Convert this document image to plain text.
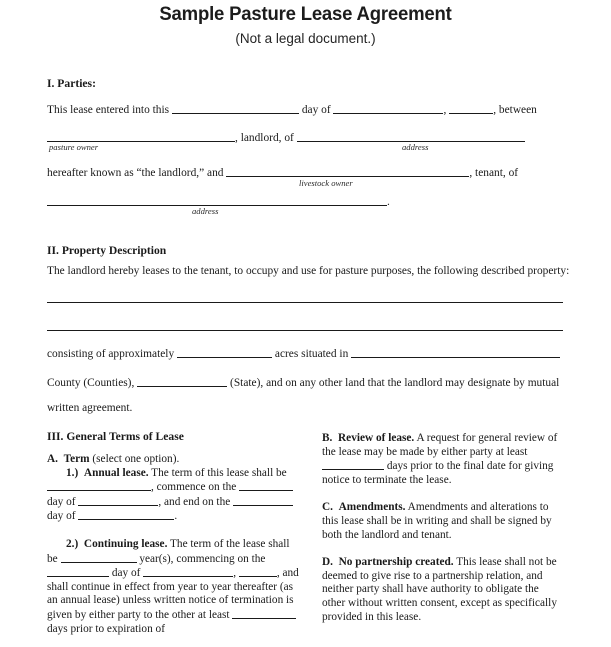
Sample Pasture Lease Agreement
(Not a legal document.)
I. Parties:
This lease entered into this	day of	,	, between
, landlord, of
pasture owner	address
hereafter known as “the landlord,” and	, tenant, of
livestock owner
.
address
II. Property Description
The landlord hereby leases to the tenant, to occupy and use for pasture purposes, the following described property:
consisting of approximately	acres situated in
County (Counties),	(State), and on any other land that the landlord may designate by mutual
written agreement.
III. General Terms of Lease
A. Term (select one option).
1.) Annual lease. The term of this lease shall be , commence on the  day of	, and end on the  day of	.
2.) Continuing lease. The term of the lease shall be	year(s), commencing on the  day of	,	, and shall continue in effect from year to year thereafter (as an annual lease) unless written notice of termination is given by either party to the other at least  days prior to expiration of
B. Review of lease. A request for general review of the lease may be made by either party at least  days prior to the final date for giving notice to terminate the lease.
C. Amendments. Amendments and alterations to this lease shall be in writing and shall be signed by both the landlord and tenant.
D. No partnership created. This lease shall not be deemed to give rise to a partnership relation, and neither party shall have authority to obligate the other without written consent, except as specifically provided in this lease.
